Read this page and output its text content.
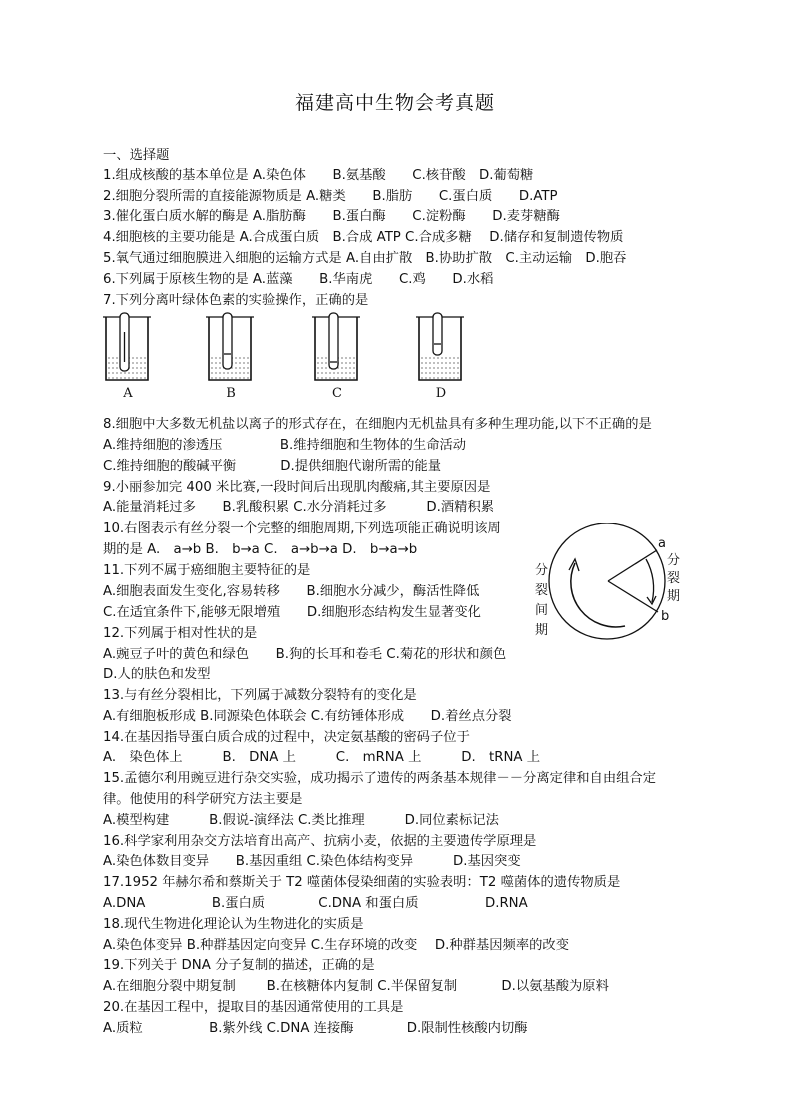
福建高中生物会考真题
一、选择题
1.组成核酸的基本单位是 A.染色体　　B.氨基酸　　C.核苷酸　D.葡萄糖
2.细胞分裂所需的直接能源物质是 A.糖类　　B.脂肪　　C.蛋白质　　D.ATP
3.催化蛋白质水解的酶是 A.脂肪酶　　B.蛋白酶　　C.淀粉酶　　D.麦芽糖酶
4.细胞核的主要功能是 A.合成蛋白质　B.合成 ATP C.合成多糖　 D.储存和复制遗传物质
5.氧气通过细胞膜进入细胞的运输方式是 A.自由扩散　B.协助扩散　C.主动运输　D.胞吞
6.下列属于原核生物的是 A.蓝藻　　B.华南虎　　C.鸡　　D.水稻
7.下列分离叶绿体色素的实验操作，正确的是
8.细胞中大多数无机盐以离子的形式存在，在细胞内无机盐具有多种生理功能,以下不正确的是
A.维持细胞的渗透压　　　　 B.维持细胞和生物体的生命活动
C.维持细胞的酸碱平衡　　　 D.提供细胞代谢所需的能量
9.小丽参加完 400 米比赛,一段时间后出现肌肉酸痛,其主要原因是
A.能量消耗过多　　B.乳酸积累 C.水分消耗过多　　　D.酒精积累
10.右图表示有丝分裂一个完整的细胞周期,下列选项能正确说明该周
期的是 A.　a→b B.　b→a C.　a→b→a D.　b→a→b
11.下列不属于癌细胞主要特征的是
A.细胞表面发生变化,容易转移　　B.细胞水分减少，酶活性降低
C.在适宜条件下,能够无限增殖　　D.细胞形态结构发生显著变化
12.下列属于相对性状的是
A.豌豆子叶的黄色和绿色　　B.狗的长耳和卷毛 C.菊花的形状和颜色
D.人的肤色和发型
13.与有丝分裂相比，下列属于减数分裂特有的变化是
A.有细胞板形成 B.同源染色体联会 C.有纺锤体形成　　D.着丝点分裂
14.在基因指导蛋白质合成的过程中，决定氨基酸的密码子位于
A.　染色体上　　　B.　DNA 上　　　C.　mRNA 上　　　D.　tRNA 上
15.孟德尔利用豌豆进行杂交实验，成功揭示了遗传的两条基本规律－－分离定律和自由组合定
律。他使用的科学研究方法主要是
A.模型构建　　　B.假说-演绎法 C.类比推理　　　D.同位素标记法
16.科学家利用杂交方法培育出高产、抗病小麦，依据的主要遗传学原理是
A.染色体数目变异　　B.基因重组 C.染色体结构变异　　　D.基因突变
17.1952 年赫尔希和蔡斯关于 T2 噬菌体侵染细菌的实验表明：T2 噬菌体的遗传物质是
A.DNA　　　　　B.蛋白质　　　　C.DNA 和蛋白质　　　　　D.RNA
18.现代生物进化理论认为生物进化的实质是
A.染色体变异 B.种群基因定向变异 C.生存环境的改变　 D.种群基因频率的改变
19.下列关于 DNA 分子复制的描述，正确的是
A.在细胞分裂中期复制　　 B.在核糖体内复制 C.半保留复制　　　 D.以氨基酸为原料
20.在基因工程中，提取目的基因通常使用的工具是
A.质粒　　　　　B.紫外线 C.DNA 连接酶　　　　D.限制性核酸内切酶
A	B	C	D
a
b
分裂期
分裂间期
